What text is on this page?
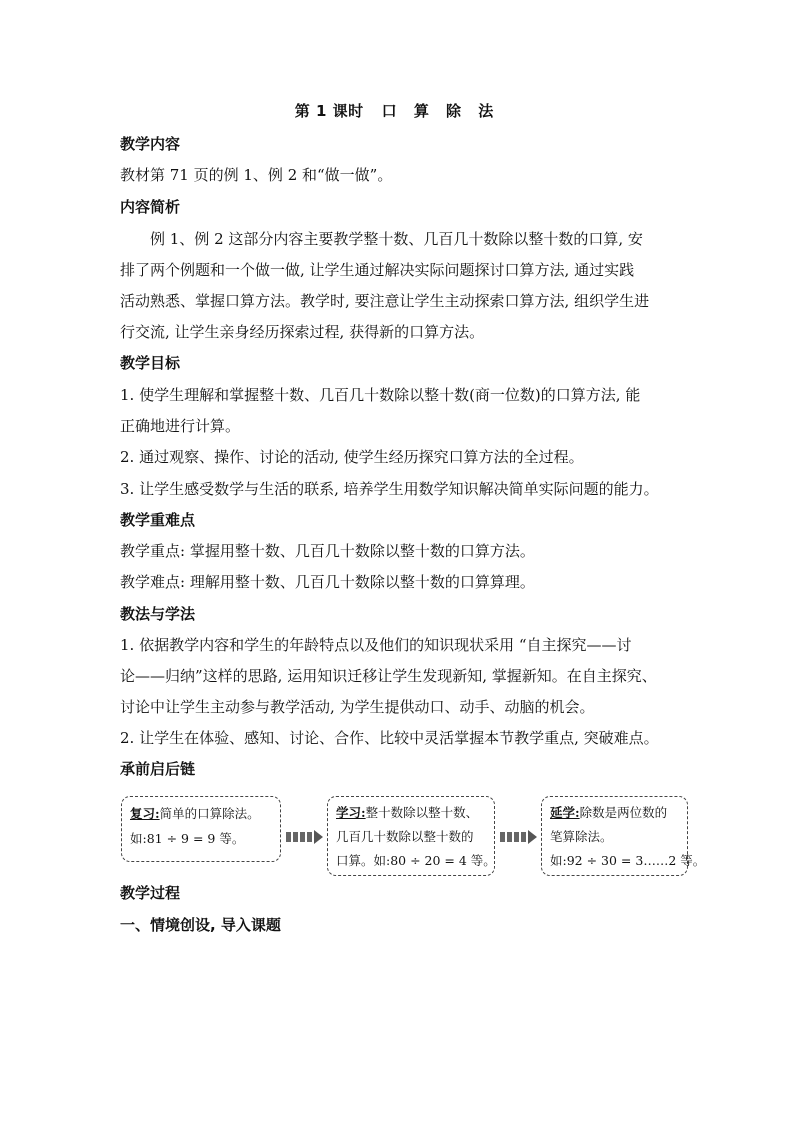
第 1 课时 口 算 除 法
教学内容
教材第 71 页的例 1、例 2 和“做一做”。
内容简析
例 1、例 2 这部分内容主要教学整十数、几百几十数除以整十数的口算, 安
排了两个例题和一个做一做, 让学生通过解决实际问题探讨口算方法, 通过实践
活动熟悉、掌握口算方法。教学时, 要注意让学生主动探索口算方法, 组织学生进
行交流, 让学生亲身经历探索过程, 获得新的口算方法。
教学目标
1. 使学生理解和掌握整十数、几百几十数除以整十数(商一位数)的口算方法, 能
正确地进行计算。
2. 通过观察、操作、讨论的活动, 使学生经历探究口算方法的全过程。
3. 让学生感受数学与生活的联系, 培养学生用数学知识解决简单实际问题的能力。
教学重难点
教学重点: 掌握用整十数、几百几十数除以整十数的口算方法。
教学难点: 理解用整十数、几百几十数除以整十数的口算算理。
教法与学法
1. 依据教学内容和学生的年龄特点以及他们的知识现状采用 “自主探究——讨
论——归纳”这样的思路, 运用知识迁移让学生发现新知, 掌握新知。在自主探究、
讨论中让学生主动参与教学活动, 为学生提供动口、动手、动脑的机会。
2. 让学生在体验、感知、讨论、合作、比较中灵活掌握本节教学重点, 突破难点。
承前启后链
复习:简单的口算除法。
如:81 ÷ 9 = 9 等。
学习:整十数除以整十数、
几百几十数除以整十数的
口算。如:80 ÷ 20 = 4 等。
延学:除数是两位数的
笔算除法。
如:92 ÷ 30 = 3……2 等。
教学过程
一、情境创设, 导入课题
